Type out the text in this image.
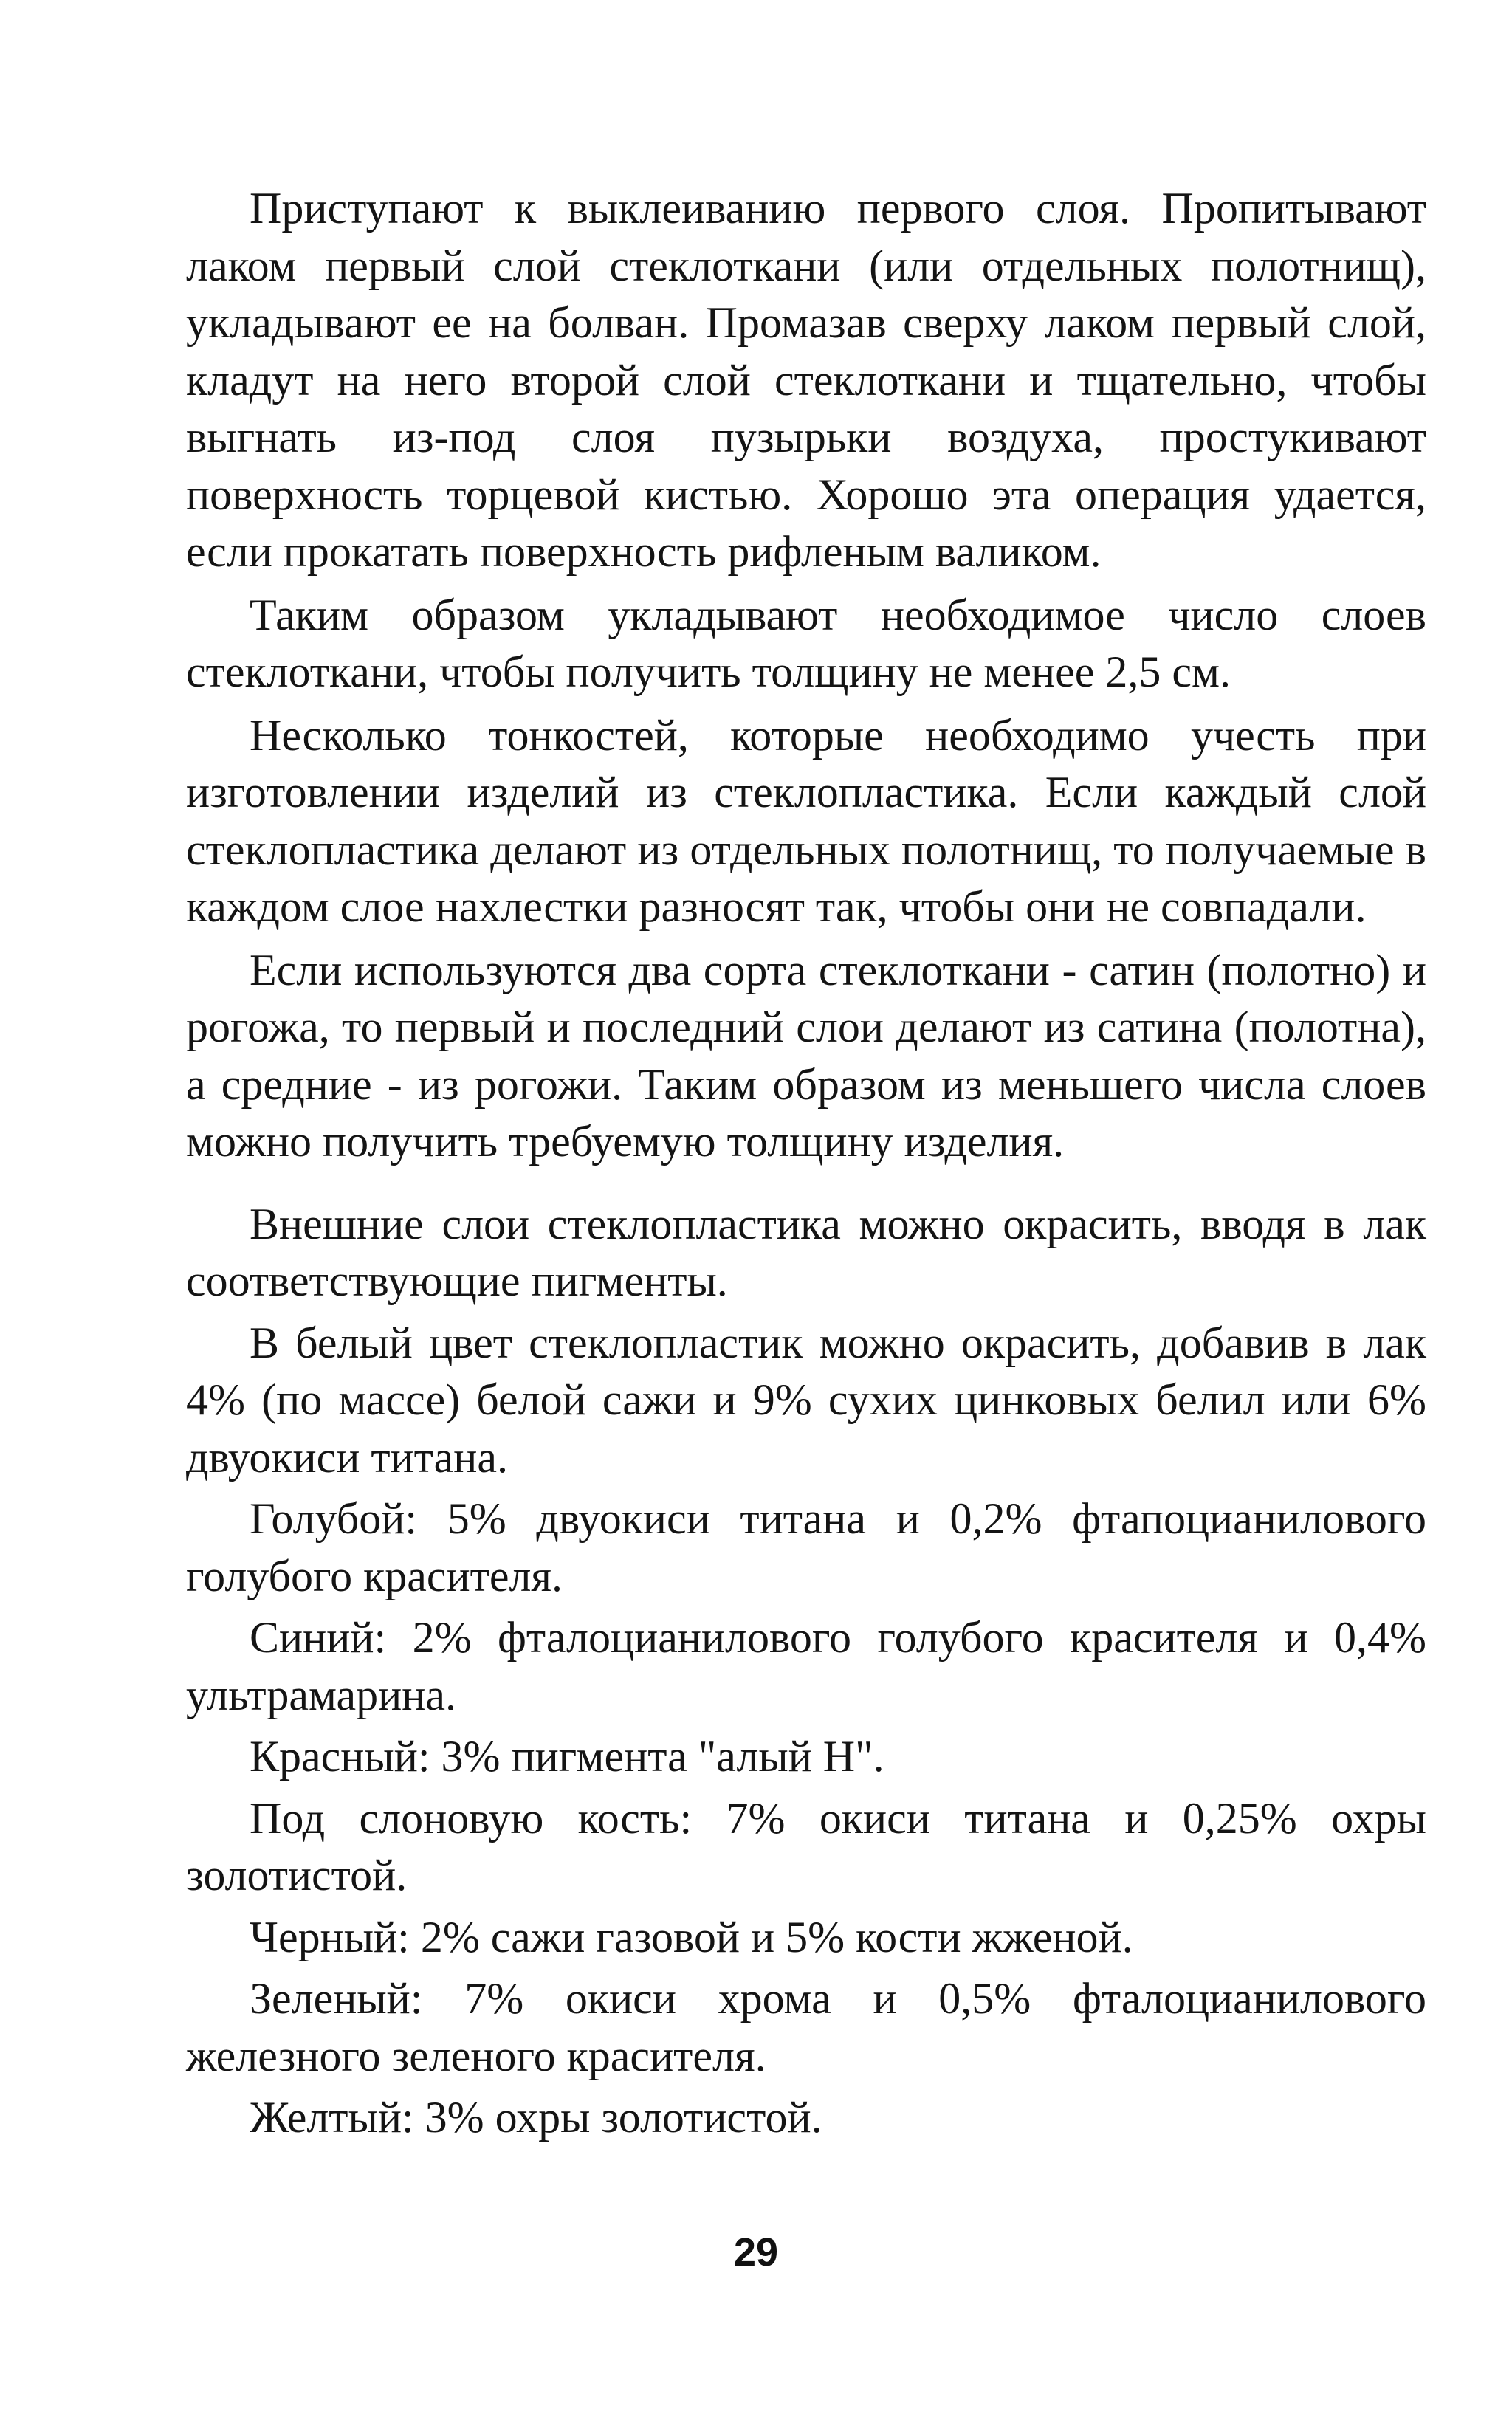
Приступают к выклеиванию первого слоя. Пропитывают лаком первый слой стеклоткани (или отдельных полотнищ), укладывают ее на болван. Промазав сверху лаком первый слой, кладут на него второй слой стеклоткани и тщательно, чтобы выгнать из-под слоя пузырьки воздуха, простукивают поверхность торцевой кистью. Хорошо эта операция удается, если прокатать поверхность рифленым валиком.

Таким образом укладывают необходимое число слоев стеклоткани, чтобы получить толщину не менее 2,5 см.

Несколько тонкостей, которые необходимо учесть при изготовлении изделий из стеклопластика. Если каждый слой стеклопластика делают из отдельных полотнищ, то получаемые в каждом слое нахлестки разносят так, чтобы они не совпадали.

Если используются два сорта стеклоткани - сатин (полотно) и рогожа, то первый и последний слои делают из сатина (полотна), а средние - из рогожи. Таким образом из меньшего числа слоев можно получить требуемую толщину изделия.

Внешние слои стеклопластика можно окрасить, вводя в лак соответствующие пигменты.

В белый цвет стеклопластик можно окрасить, добавив в лак 4% (по массе) белой сажи и 9% сухих цинковых белил или 6% двуокиси титана.

Голубой: 5% двуокиси титана и 0,2% фтапоцианилового голубого красителя.

Синий: 2% фталоцианилового голубого красителя и 0,4% ультрамарина.

Красный: 3% пигмента "алый Н".

Под слоновую кость: 7% окиси титана и 0,25% охры золотистой.

Черный: 2% сажи газовой и 5% кости жженой.

Зеленый: 7% окиси хрома и 0,5% фталоцианилового железного зеленого красителя.

Желтый: 3% охры золотистой.

29
